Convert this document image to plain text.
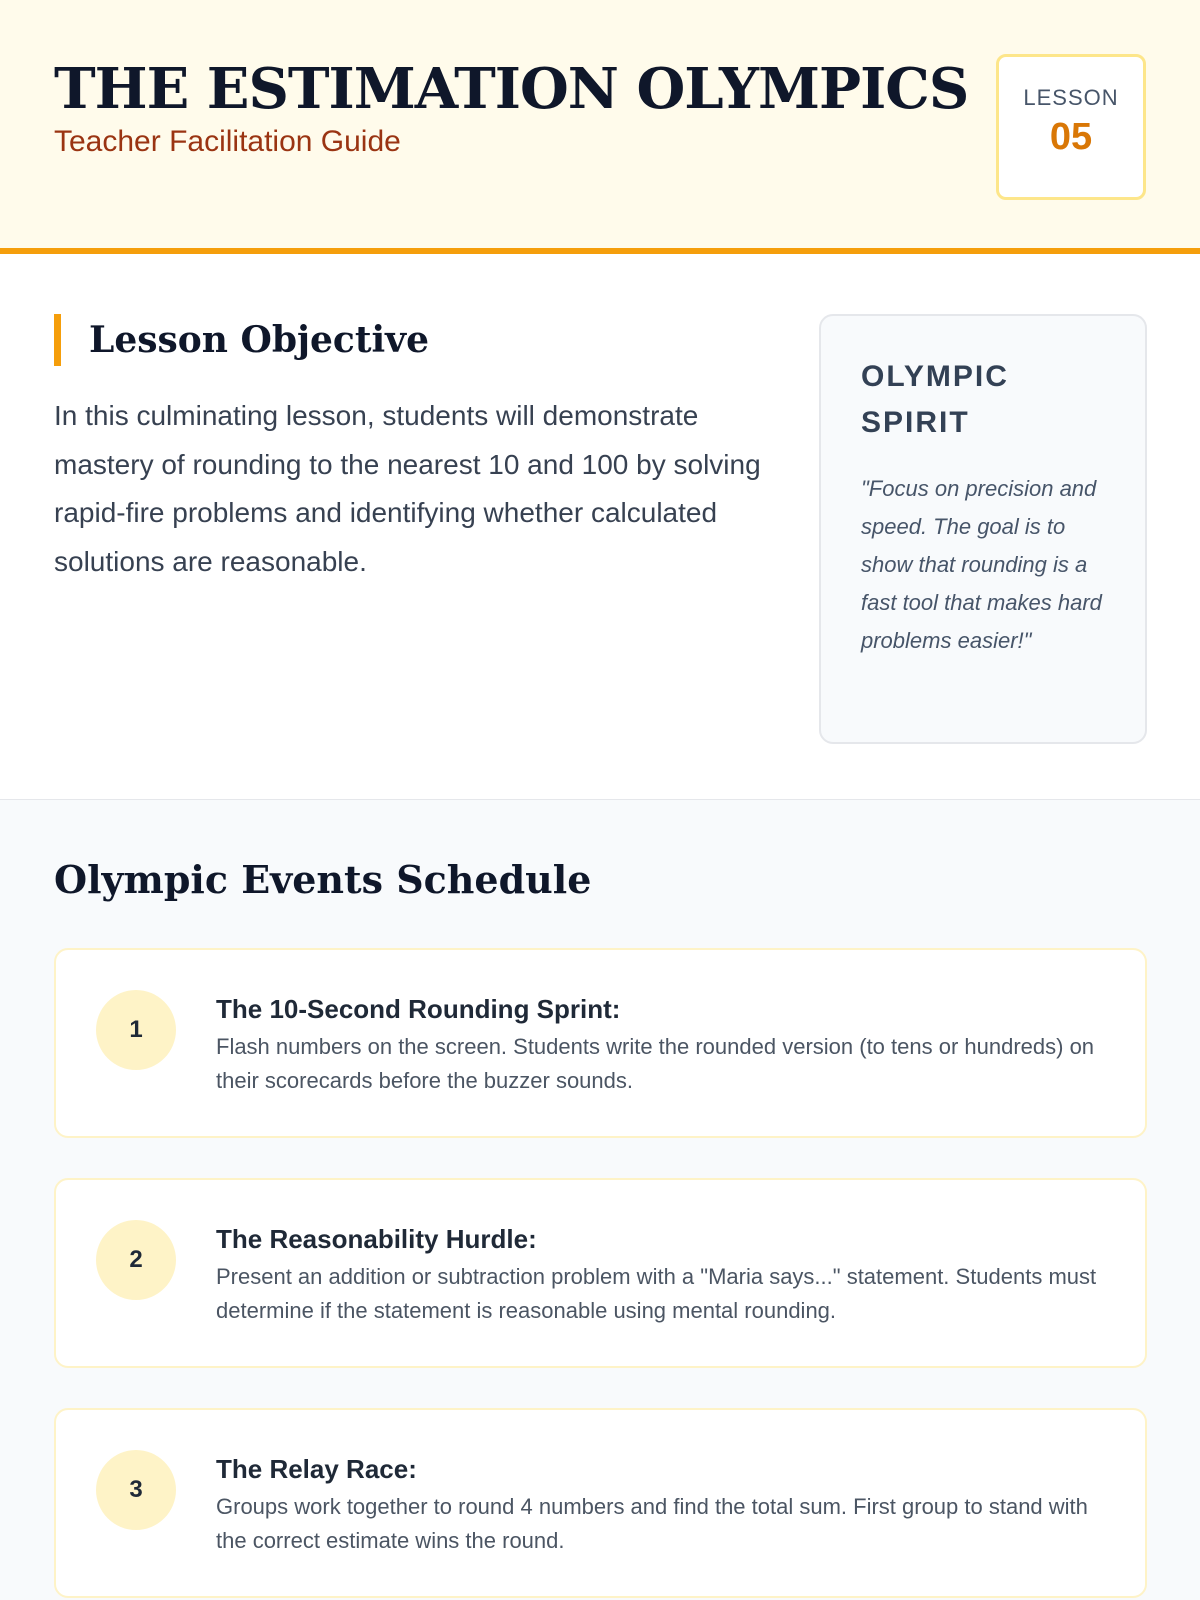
THE ESTIMATION OLYMPICS

Teacher Facilitation Guide

LESSON
05
Lesson Objective

In this culminating lesson, students will demonstrate mastery of rounding to the nearest 10 and 100 by solving rapid-fire problems and identifying whether calculated solutions are reasonable.

OLYMPIC SPIRIT

"Focus on precision and speed. The goal is to show that rounding is a fast tool that makes hard problems easier!"

Olympic Events Schedule
1

The 10-Second Rounding Sprint:

Flash numbers on the screen. Students write the rounded version (to tens or hundreds) on their scorecards before the buzzer sounds.

2

The Reasonability Hurdle:

Present an addition or subtraction problem with a "Maria says..." statement. Students must determine if the statement is reasonable using mental rounding.

3

The Relay Race:

Groups work together to round 4 numbers and find the total sum. First group to stand with the correct estimate wins the round.
